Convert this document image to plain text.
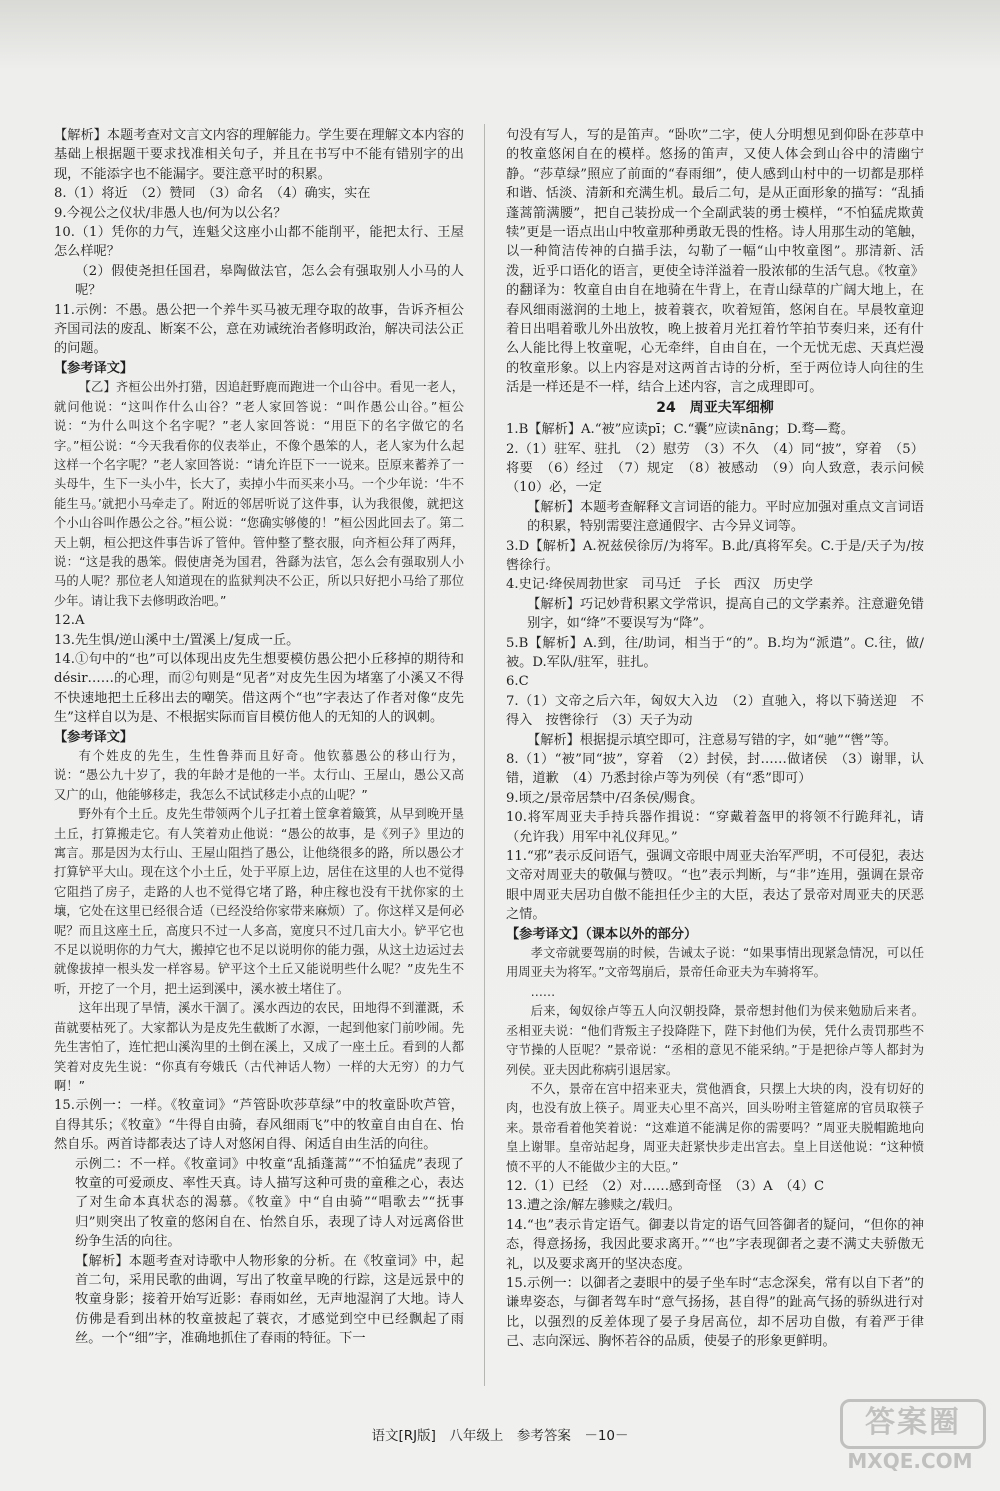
【解析】本题考查对文言文内容的理解能力。学生要在理解文本内容的基础上根据题干要求找准相关句子，并且在书写中不能有错别字的出现，不能添字也不能漏字。要注意平时的积累。

8.（1）将近　（2）赞同　（3）命名　（4）确实，实在

9.今视公之仪状/非愚人也/何为以公名？

10.（1）凭你的力气，连魁父这座小山都不能削平，能把太行、王屋怎么样呢？

（2）假使尧担任国君，皋陶做法官，怎么会有强取别人小马的人呢？

11.示例：不愚。愚公把一个养牛买马被无理夺取的故事，告诉齐桓公齐国司法的废乱、断案不公，意在劝诫统治者修明政治，解决司法公正的问题。

【参考译文】

【乙】齐桓公出外打猎，因追赶野鹿而跑进一个山谷中。看见一老人，就问他说：“这叫作什么山谷？”老人家回答说：“叫作愚公山谷。”桓公说：“为什么叫这个名字呢？”老人家回答说：“用臣下的名字做它的名字。”桓公说：“今天我看你的仪表举止，不像个愚笨的人，老人家为什么起这样一个名字呢？”老人家回答说：“请允许臣下一一说来。臣原来蓄养了一头母牛，生下一头小牛，长大了，卖掉小牛而买来小马。一个少年说：‘牛不能生马。’就把小马牵走了。附近的邻居听说了这件事，认为我很傻，就把这个小山谷叫作愚公之谷。”桓公说：“您确实够傻的！”桓公因此回去了。第二天上朝，桓公把这件事告诉了管仲。管仲整了整衣服，向齐桓公拜了两拜，说：“这是我的愚笨。假使唐尧为国君，咎繇为法官，怎么会有强取别人小马的人呢？那位老人知道现在的监狱判决不公正，所以只好把小马给了那位少年。请让我下去修明政治吧。”

12.A

13.先生惧/逆山溪中土/置溪上/复成一丘。

14.①句中的“也”可以体现出皮先生想要模仿愚公把小丘移掉的期待和désir……的心理，而②句则是“见者”对皮先生因为堵塞了小溪又不得不快速地把土丘移出去的嘲笑。借这两个“也”字表达了作者对像“皮先生”这样自以为是、不根据实际而盲目模仿他人的无知的人的讽刺。

【参考译文】

有个姓皮的先生，生性鲁莽而且好奇。他钦慕愚公的移山行为，说：“愚公九十岁了，我的年龄才是他的一半。太行山、王屋山，愚公又高又广的山，他能够移走，我怎么不试试移走小点的山呢？”

野外有个土丘。皮先生带领两个儿子扛着土筐拿着簸箕，从早到晚开垦土丘，打算搬走它。有人笑着劝止他说：“愚公的故事，是《列子》里边的寓言。那是因为太行山、王屋山阻挡了愚公，让他绕很多的路，所以愚公才打算铲平大山。现在这个小土丘，处于平原上边，居住在这里的人也不觉得它阻挡了房子，走路的人也不觉得它堵了路，种庄稼也没有干扰你家的土壤，它处在这里已经很合适（已经没给你家带来麻烦）了。你这样又是何必呢？而且这座土丘，高度只不过一人多高，宽度只不过几亩大小。铲平它也不足以说明你的力气大，搬掉它也不足以说明你的能力强，从这土边运过去就像拔掉一根头发一样容易。铲平这个土丘又能说明些什么呢？”皮先生不听，开挖了一个月，把土运到溪中，溪水被土堵住了。

这年出现了旱情，溪水干涸了。溪水西边的农民，田地得不到灌溉，禾苗就要枯死了。大家都认为是皮先生截断了水源，一起到他家门前吵闹。先先生害怕了，连忙把山溪沟里的土倒在溪上，又成了一座土丘。看到的人都笑着对皮先生说：“你真有夸娥氏（古代神话人物）一样的大无穷）的力气啊！”

15.示例一：一样。《牧童词》“芦管卧吹莎草绿”中的牧童卧吹芦管，自得其乐；《牧童》“牛得自由骑，春风细雨飞”中的牧童自由自在、怡然自乐。两首诗都表达了诗人对悠闲自得、闲适自由生活的向往。

示例二：不一样。《牧童词》中牧童“乱插蓬蒿”“不怕猛虎”表现了牧童的可爱顽皮、率性天真。诗人描写这种可贵的童稚之心，表达了对生命本真状态的渴慕。《牧童》中“自由骑”“唱歌去”“抚事归”则突出了牧童的悠闲自在、怡然自乐，表现了诗人对远离俗世纷争生活的向往。

【解析】本题考查对诗歌中人物形象的分析。在《牧童词》中，起首二句，采用民歌的曲调，写出了牧童早晚的行踪，这是远景中的牧童身影；接着开始写近影：春雨如丝，无声地湿润了大地。诗人仿佛是看到出林的牧童披起了蓑衣，才感觉到空中已经飘起了雨丝。一个“细”字，准确地抓住了春雨的特征。下一

句没有写人，写的是笛声。“卧吹”二字，使人分明想见到仰卧在莎草中的牧童悠闲自在的模样。悠扬的笛声，又使人体会到山谷中的清幽宁静。“莎草绿”照应了前面的“春雨细”，使人感到山村中的一切都是那样和谐、恬淡、清新和充满生机。最后二句，是从正面形象的描写：“乱插蓬蒿箭满腰”，把自己装扮成一个全副武装的勇士模样，“不怕猛虎欺黄犊”更是一语点出山中牧童那种勇敢无畏的性格。诗人用那生动的笔触，以一种简洁传神的白描手法，勾勒了一幅“山中牧童图”。那清新、活泼，近乎口语化的语言，更使全诗洋溢着一股浓郁的生活气息。《牧童》的翻译为：牧童自由自在地骑在牛背上，在青山绿草的广阔大地上，在春风细雨滋润的土地上，披着蓑衣，吹着短笛，悠闲自在。早晨牧童迎着日出唱着歌儿外出放牧，晚上披着月光扛着竹竿拍节奏归来，还有什么人能比得上牧童呢，心无牵绊，自由自在，一个无忧无虑、天真烂漫的牧童形象。以上内容是对这两首古诗的分析，至于两位诗人向往的生活是一样还是不一样，结合上述内容，言之成理即可。

24　周亚夫军细柳

1.B【解析】A.“被”应读pī；C.“囊”应读nāng；D.骛—鹜。

2.（1）驻军、驻扎　（2）慰劳　（3）不久　（4）同“披”，穿着　（5）将要　（6）经过　（7）规定　（8）被感动　（9）向人致意，表示问候　（10）必，一定

【解析】本题考查解释文言词语的能力。平时应加强对重点文言词语的积累，特别需要注意通假字、古今异义词等。

3.D【解析】A.祝兹侯徐厉/为将军。B.此/真将军矣。C.于是/天子为/按辔徐行。

4.史记·绛侯周勃世家　司马迁　子长　西汉　历史学

【解析】巧记妙背积累文学常识，提高自己的文学素养。注意避免错别字，如“绛”不要误写为“降”。

5.B【解析】A.到，往/助词，相当于“的”。B.均为“派遣”。C.往，做/被。D.军队/驻军，驻扎。

6.C

7.（1）文帝之后六年，匈奴大入边　（2）直驰入，将以下骑送迎　不得入　按辔徐行　（3）天子为动

【解析】根据提示填空即可，注意易写错的字，如“驰”“辔”等。

8.（1）“被”同“披”，穿着　（2）封侯，封……做诸侯　（3）谢罪，认错，道歉　（4）乃悉封徐卢等为列侯（有“悉”即可）

9.顷之/景帝居禁中/召条侯/赐食。

10.将军周亚夫手持兵器作揖说：“穿戴着盔甲的将领不行跪拜礼，请（允许我）用军中礼仪拜见。”

11.“邪”表示反问语气，强调文帝眼中周亚夫治军严明，不可侵犯，表达文帝对周亚夫的敬佩与赞叹。“也”表示判断，与“非”连用，强调在景帝眼中周亚夫居功自傲不能担任少主的大臣，表达了景帝对周亚夫的厌恶之情。

【参考译文】（课本以外的部分）

孝文帝就要驾崩的时候，告诫太子说：“如果事情出现紧急情况，可以任用周亚夫为将军。”文帝驾崩后，景帝任命亚夫为车骑将军。

……

后来，匈奴徐卢等五人向汉朝投降，景帝想封他们为侯来勉励后来者。丞相亚夫说：“他们背叛主子投降陛下，陛下封他们为侯，凭什么责罚那些不守节操的人臣呢？”景帝说：“丞相的意见不能采纳。”于是把徐卢等人都封为列侯。亚夫因此称病引退居家。

不久，景帝在宫中招来亚夫，赏他酒食，只摆上大块的肉，没有切好的肉，也没有放上筷子。周亚夫心里不高兴，回头吩咐主管筵席的官员取筷子来。景帝看着他笑着说：“这难道不能满足你的需要吗？”周亚夫脱帽跪地向皇上谢罪。皇帝站起身，周亚夫赶紧快步走出宫去。皇上目送他说：“这种愤愤不平的人不能做少主的大臣。”

12.（1）已经　（2）对……感到奇怪　（3）A　（4）C

13.遭之涂/解左骖赎之/载归。

14.“也”表示肯定语气。御妻以肯定的语气回答御者的疑问，“但你的神态，得意扬扬，我因此要求离开。”“也”字表现御者之妻不满丈夫骄傲无礼，以及要求离开的坚决态度。

15.示例一：以御者之妻眼中的晏子坐车时“志念深矣，常有以自下者”的谦卑姿态，与御者驾车时“意气扬扬，甚自得”的趾高气扬的骄纵进行对比，以强烈的反差体现了晏子身居高位，却不居功自傲，有着严于律己、志向深远、胸怀若谷的品质，使晏子的形象更鲜明。

语文[RJ版]　八年级上　参考答案　－10－	答案圈
MXQE.COM
